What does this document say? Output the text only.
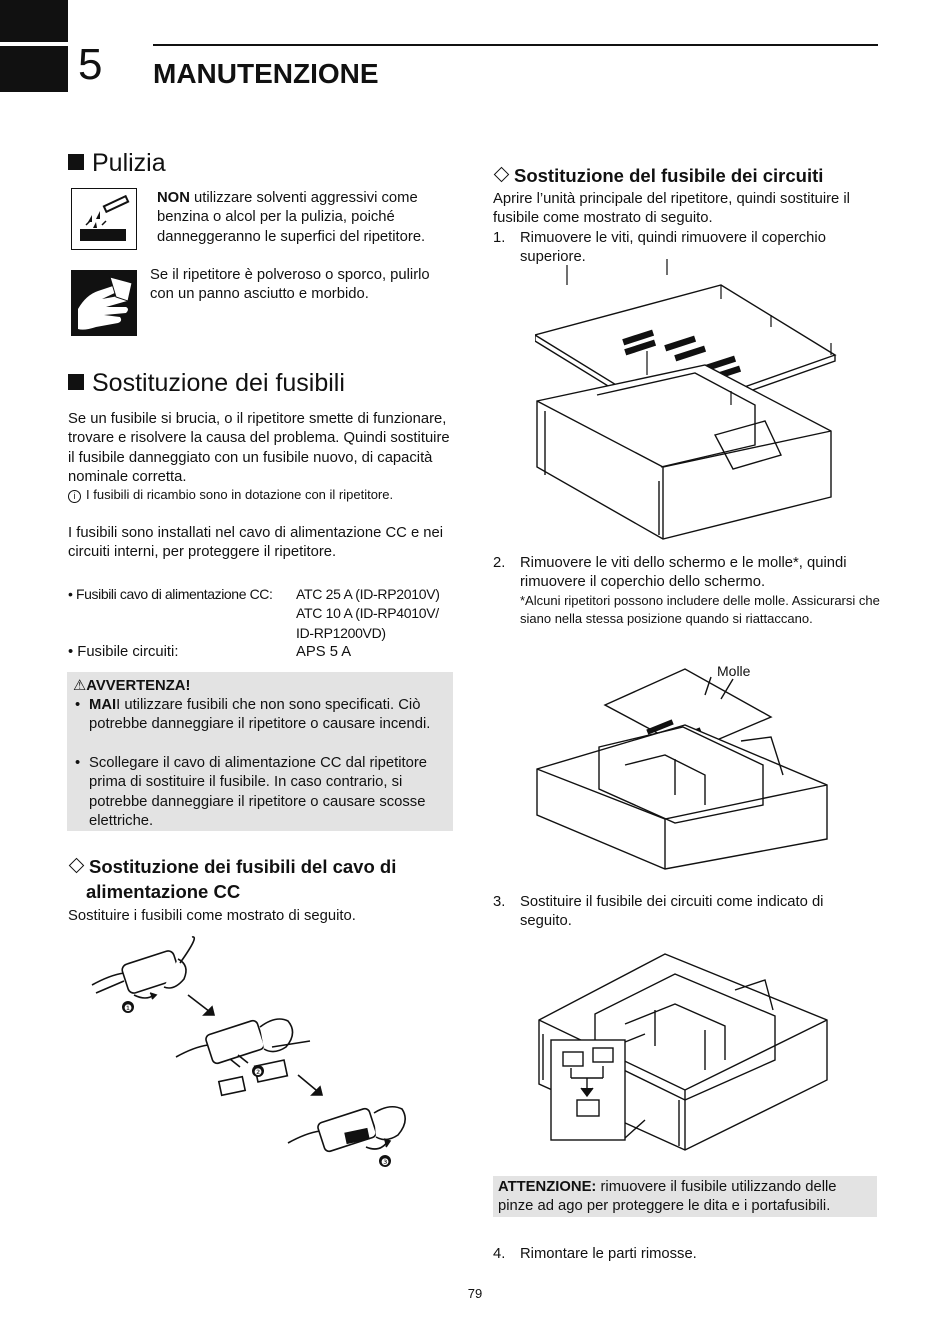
5 MANUTENZIONE
Pulizia
NON utilizzare solventi aggressivi come benzina o alcol per la pulizia, poiché danneggeranno le superfici del ripetitore.
Se il ripetitore è polveroso o sporco, pulirlo con un panno asciutto e morbido.
Sostituzione dei fusibili
Se un fusibile si brucia, o il ripetitore smette di funzionare, trovare e risolvere la causa del problema. Quindi sostituire il fusibile danneggiato con un fusibile nuovo, di capacità nominale corretta.
i I fusibili di ricambio sono in dotazione con il ripetitore.
I fusibili sono installati nel cavo di alimentazione CC e nei circuiti interni, per proteggere il ripetitore.
• Fusibili cavo di alimentazione CC: ATC 25 A (ID-RP2010V)
ATC 10 A (ID-RP4010V/
ID-RP1200VD)
• Fusibile circuiti:	APS 5 A
⚠AVVERTENZA!
• MAII utilizzare fusibili che non sono specificati. Ciò potrebbe danneggiare il ripetitore o causare incendi.
• Scollegare il cavo di alimentazione CC dal ripetitore prima di sostituire il fusibile. In caso contrario, si potrebbe danneggiare il ripetitore o causare scosse elettriche.
Sostituzione dei fusibili del cavo di
alimentazione CC
Sostituire i fusibili come mostrato di seguito.
❶
❷
❸
Sostituzione del fusibile dei circuiti
Aprire l’unità principale del ripetitore, quindi sostituire il fusibile come mostrato di seguito.
1. Rimuovere le viti, quindi rimuovere il coperchio superiore.
2. Rimuovere le viti dello schermo e le molle*, quindi rimuovere il coperchio dello schermo.
*Alcuni ripetitori possono includere delle molle. Assicurarsi che siano nella stessa posizione quando si riattaccano.
Molle
3. Sostituire il fusibile dei circuiti come indicato di seguito.
ATTENZIONE: rimuovere il fusibile utilizzando delle pinze ad ago per proteggere le dita e i portafusibili.
4. Rimontare le parti rimosse.
79
